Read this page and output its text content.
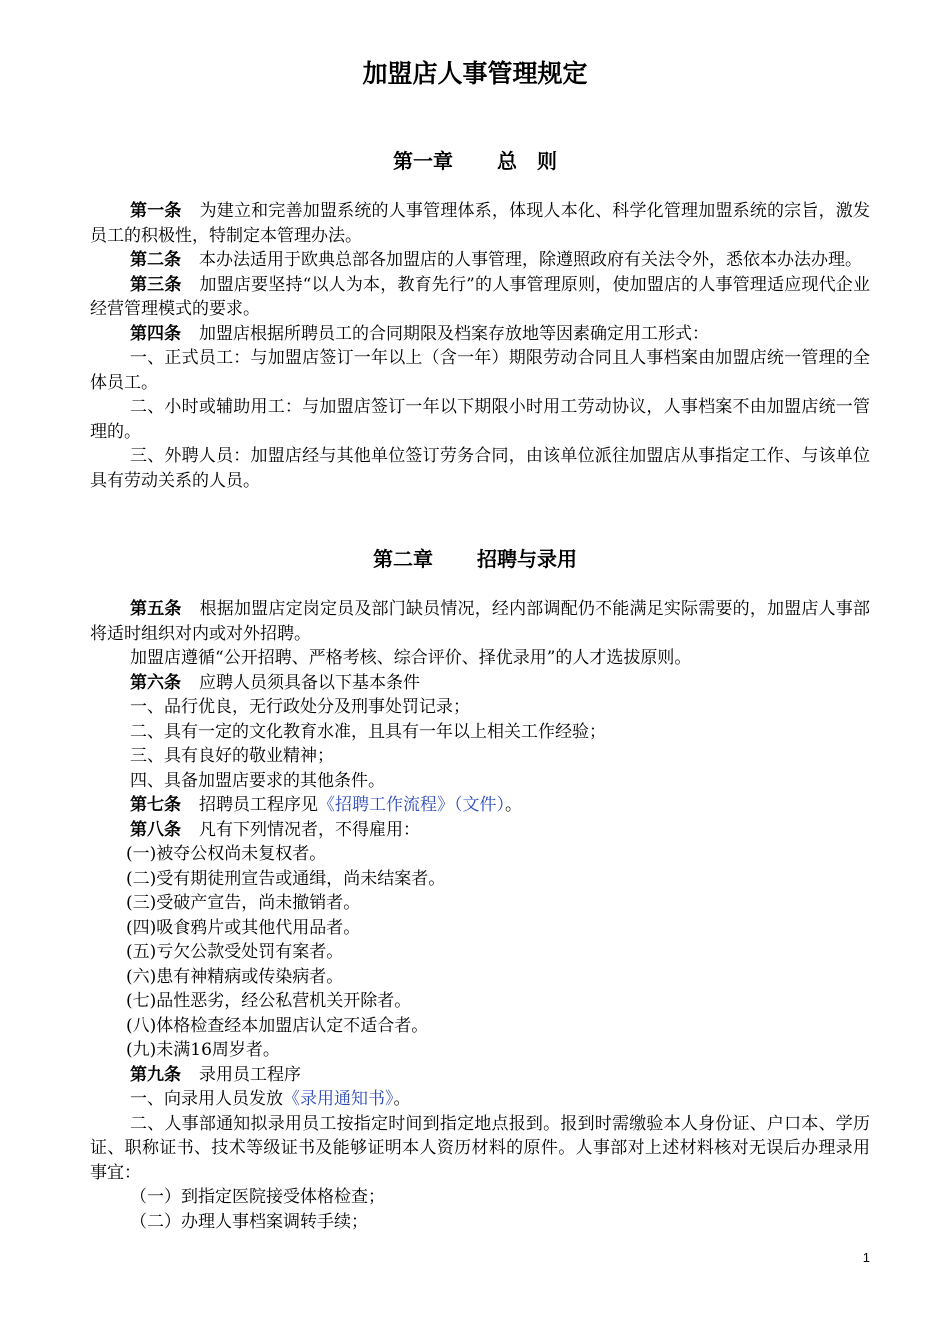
加盟店人事管理规定
第一章 总　则

第一条 为建立和完善加盟系统的人事管理体系，体现人本化、科学化管理加盟系统的宗旨，激发员工的积极性，特制定本管理办法。

第二条 本办法适用于欧典总部各加盟店的人事管理，除遵照政府有关法令外，悉依本办法办理。

第三条 加盟店要坚持“以人为本，教育先行”的人事管理原则，使加盟店的人事管理适应现代企业经营管理模式的要求。

第四条 加盟店根据所聘员工的合同期限及档案存放地等因素确定用工形式：

一、正式员工：与加盟店签订一年以上（含一年）期限劳动合同且人事档案由加盟店统一管理的全体员工。

二、小时或辅助用工：与加盟店签订一年以下期限小时用工劳动协议，人事档案不由加盟店统一管理的。

三、外聘人员：加盟店经与其他单位签订劳务合同，由该单位派往加盟店从事指定工作、与该单位具有劳动关系的人员。

第二章 招聘与录用

第五条 根据加盟店定岗定员及部门缺员情况，经内部调配仍不能满足实际需要的，加盟店人事部将适时组织对内或对外招聘。

加盟店遵循“公开招聘、严格考核、综合评价、择优录用”的人才选拔原则。

第六条 应聘人员须具备以下基本条件

一、品行优良，无行政处分及刑事处罚记录；

二、具有一定的文化教育水准，且具有一年以上相关工作经验；

三、具有良好的敬业精神；

四、具备加盟店要求的其他条件。

第七条 招聘员工程序见《招聘工作流程》（文件）。

第八条 凡有下列情况者，不得雇用：

(一)被夺公权尚未复权者。

(二)受有期徒刑宣告或通缉，尚未结案者。

(三)受破产宣告，尚未撤销者。

(四)吸食鸦片或其他代用品者。

(五)亏欠公款受处罚有案者。

(六)患有神精病或传染病者。

(七)品性恶劣，经公私营机关开除者。

(八)体格检查经本加盟店认定不适合者。

(九)未满16周岁者。

第九条 录用员工程序

一、向录用人员发放《录用通知书》。

二、人事部通知拟录用员工按指定时间到指定地点报到。报到时需缴验本人身份证、户口本、学历证、职称证书、技术等级证书及能够证明本人资历材料的原件。人事部对上述材料核对无误后办理录用事宜：

（一）到指定医院接受体格检查；

（二）办理人事档案调转手续；

1
